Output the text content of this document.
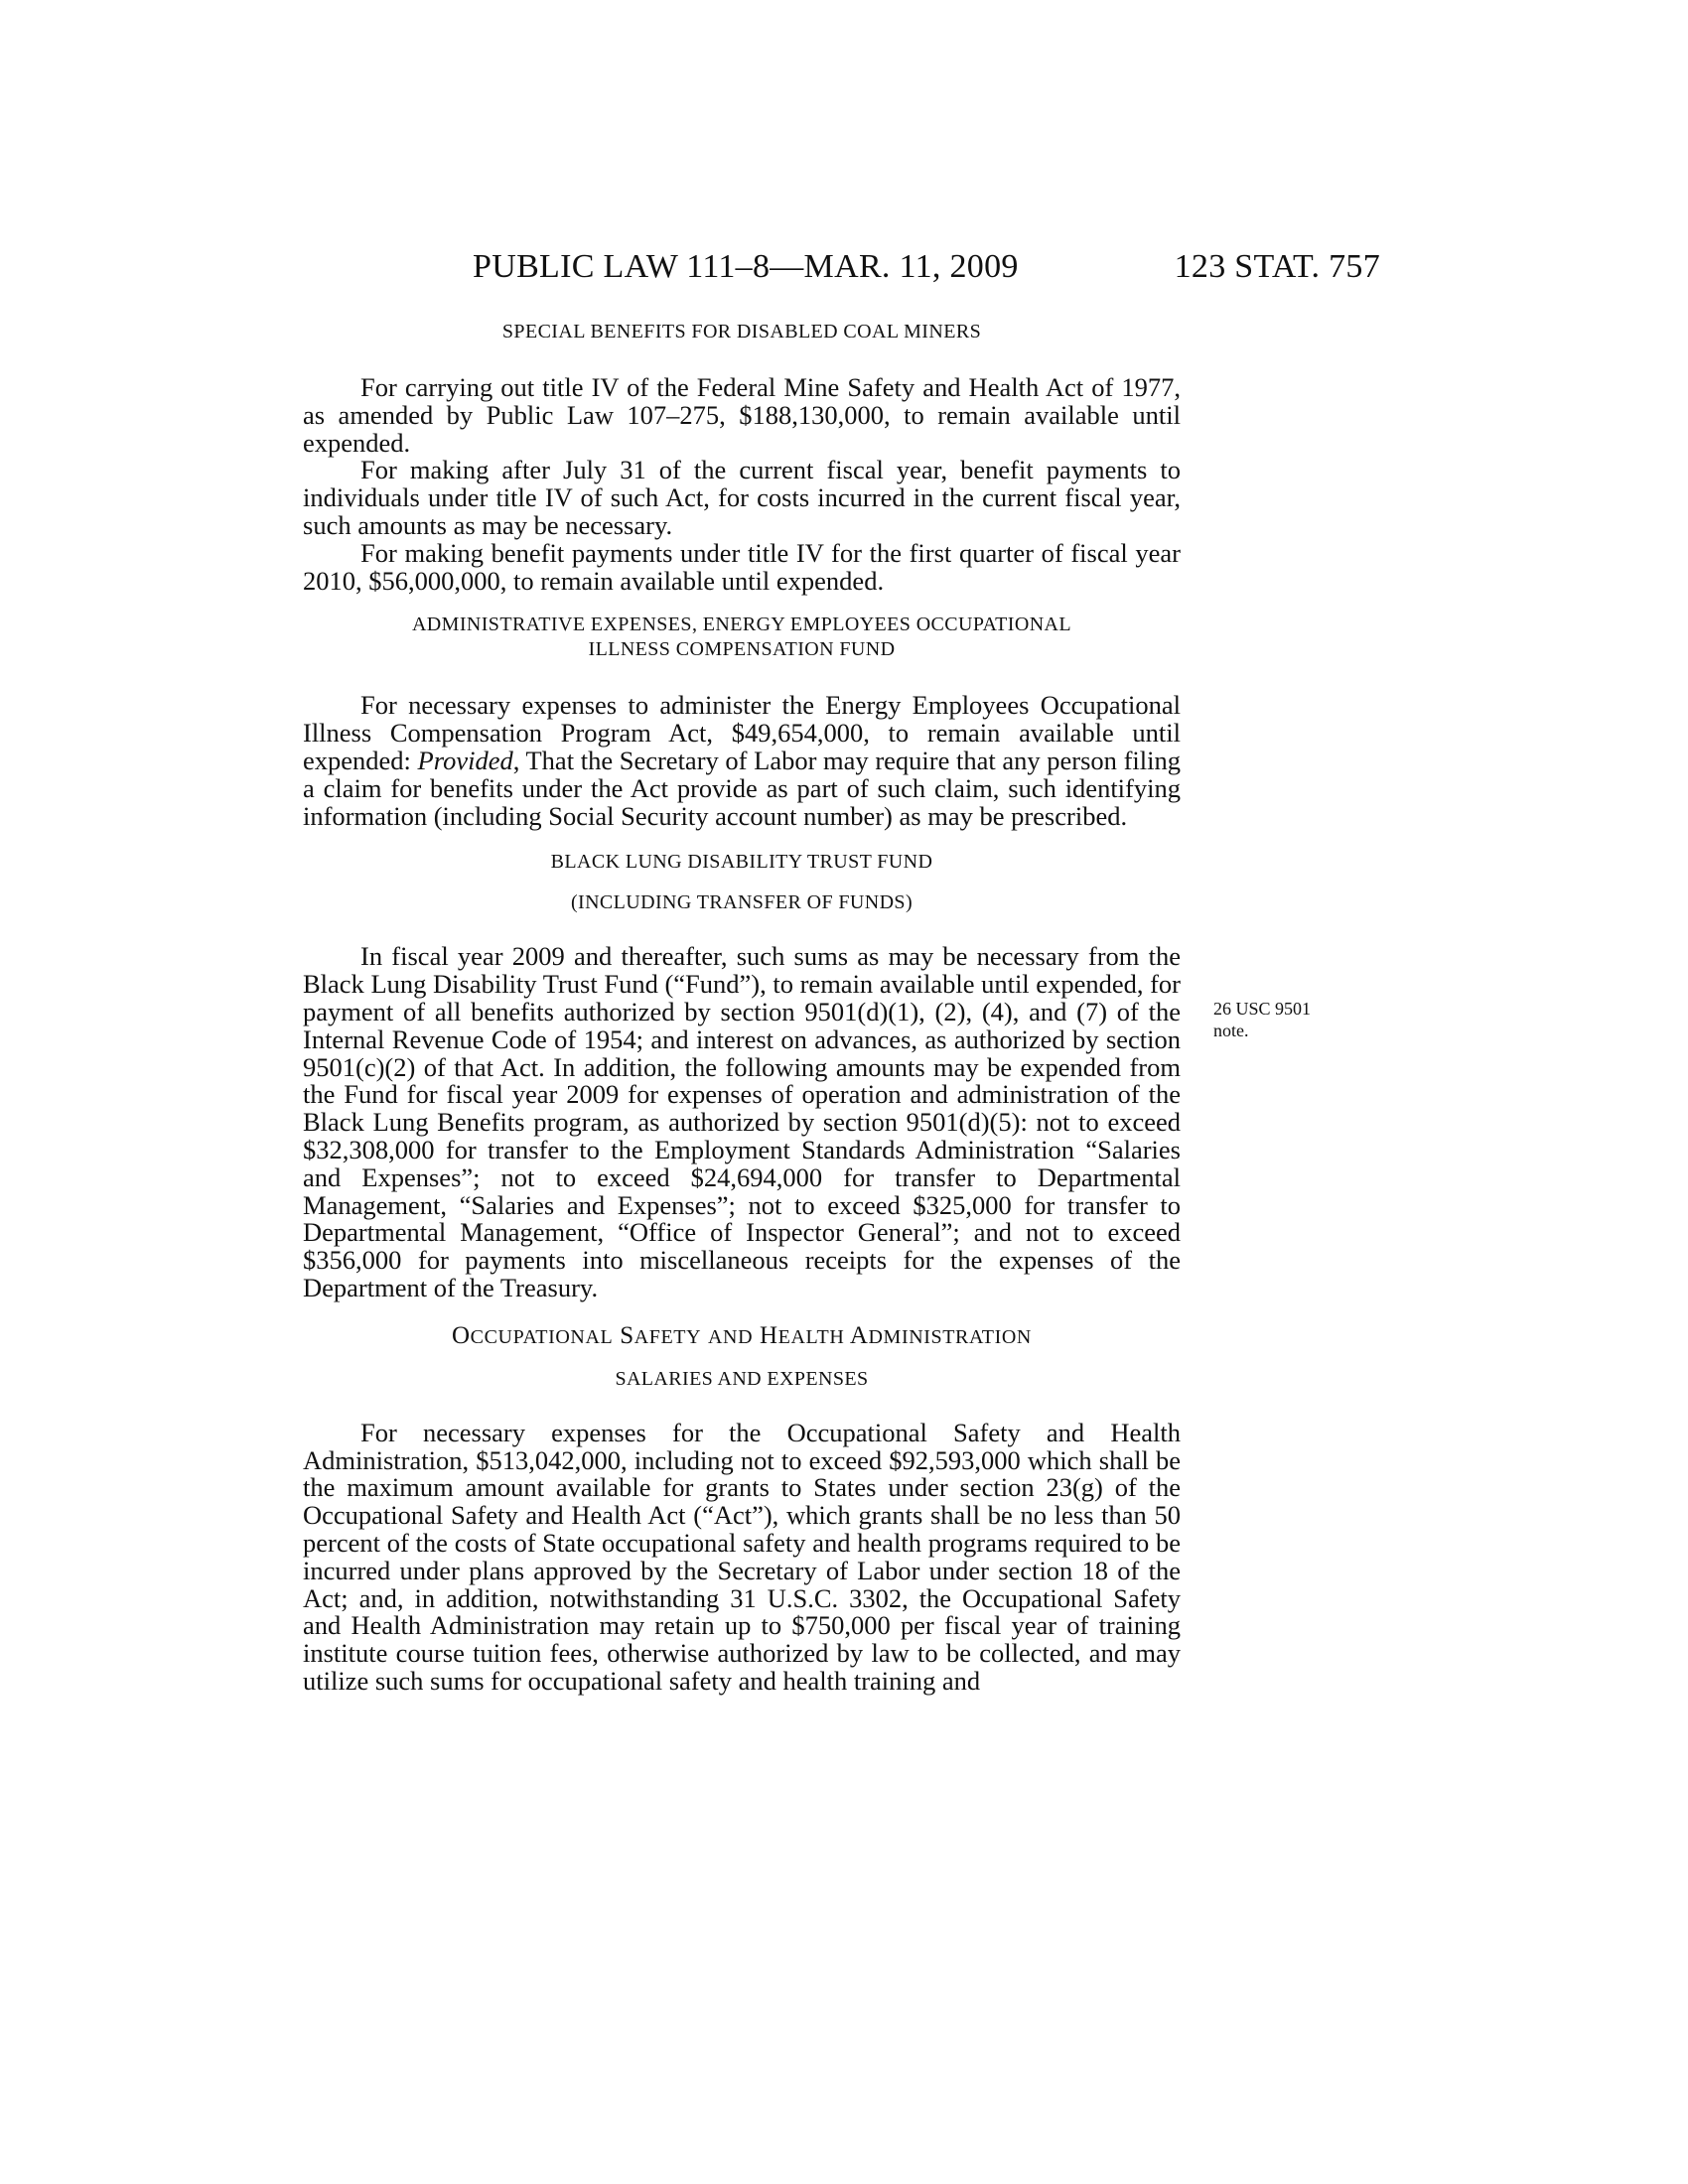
PUBLIC LAW 111–8—MAR. 11, 2009	123 STAT. 757
26 USC 9501
note.

SPECIAL BENEFITS FOR DISABLED COAL MINERS

For carrying out title IV of the Federal Mine Safety and Health Act of 1977, as amended by Public Law 107–275, $188,130,000, to remain available until expended.

For making after July 31 of the current fiscal year, benefit payments to individuals under title IV of such Act, for costs incurred in the current fiscal year, such amounts as may be necessary.

For making benefit payments under title IV for the first quarter of fiscal year 2010, $56,000,000, to remain available until expended.

ADMINISTRATIVE EXPENSES, ENERGY EMPLOYEES OCCUPATIONAL

ILLNESS COMPENSATION FUND

For necessary expenses to administer the Energy Employees Occupational Illness Compensation Program Act, $49,654,000, to remain available until expended: Provided, That the Secretary of Labor may require that any person filing a claim for benefits under the Act provide as part of such claim, such identifying information (including Social Security account number) as may be prescribed.

BLACK LUNG DISABILITY TRUST FUND

(INCLUDING TRANSFER OF FUNDS)

In fiscal year 2009 and thereafter, such sums as may be necessary from the Black Lung Disability Trust Fund (“Fund”), to remain available until expended, for payment of all benefits authorized by section 9501(d)(1), (2), (4), and (7) of the Internal Revenue Code of 1954; and interest on advances, as authorized by section 9501(c)(2) of that Act. In addition, the following amounts may be expended from the Fund for fiscal year 2009 for expenses of operation and administration of the Black Lung Benefits program, as authorized by section 9501(d)(5): not to exceed $32,308,000 for transfer to the Employment Standards Administration “Salaries and Expenses”; not to exceed $24,694,000 for transfer to Departmental Management, “Salaries and Expenses”; not to exceed $325,000 for transfer to Departmental Management, “Office of Inspector General”; and not to exceed $356,000 for payments into miscellaneous receipts for the expenses of the Department of the Treasury.

OCCUPATIONAL SAFETY AND HEALTH ADMINISTRATION

SALARIES AND EXPENSES

For necessary expenses for the Occupational Safety and Health Administration, $513,042,000, including not to exceed $92,593,000 which shall be the maximum amount available for grants to States under section 23(g) of the Occupational Safety and Health Act (“Act”), which grants shall be no less than 50 percent of the costs of State occupational safety and health programs required to be incurred under plans approved by the Secretary of Labor under section 18 of the Act; and, in addition, notwithstanding 31 U.S.C. 3302, the Occupational Safety and Health Administration may retain up to $750,000 per fiscal year of training institute course tuition fees, otherwise authorized by law to be collected, and may utilize such sums for occupational safety and health training and
